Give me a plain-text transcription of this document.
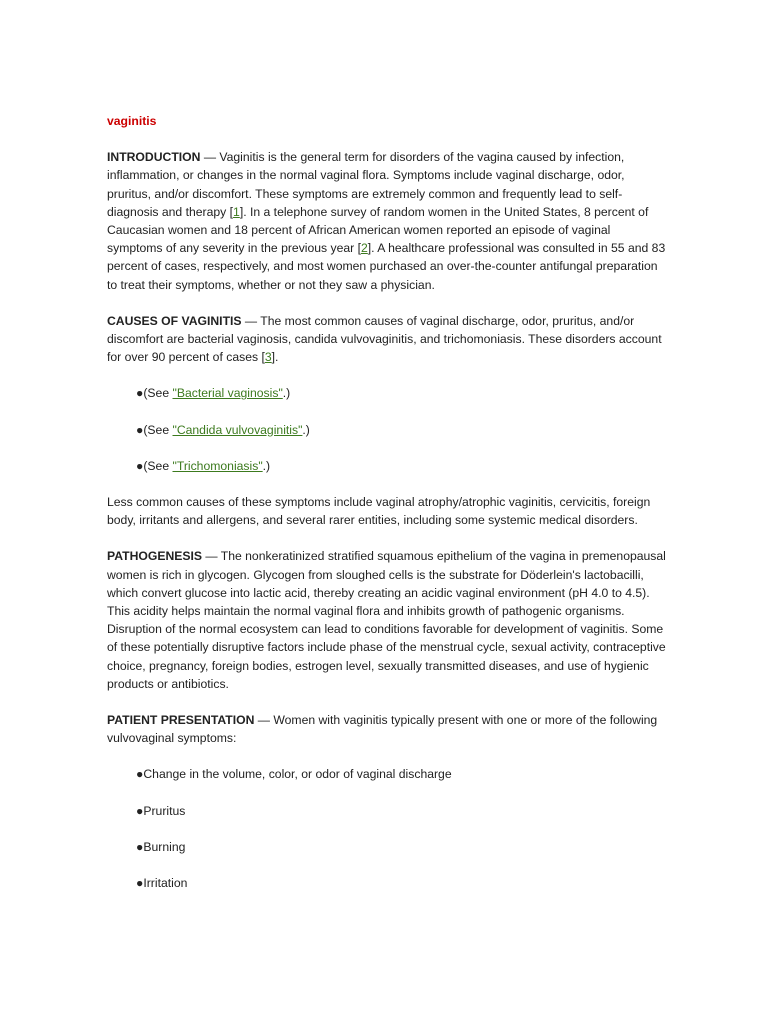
vaginitis

INTRODUCTION — Vaginitis is the general term for disorders of the vagina caused by infection, inflammation, or changes in the normal vaginal flora. Symptoms include vaginal discharge, odor, pruritus, and/or discomfort. These symptoms are extremely common and frequently lead to self-diagnosis and therapy [1]. In a telephone survey of random women in the United States, 8 percent of Caucasian women and 18 percent of African American women reported an episode of vaginal symptoms of any severity in the previous year [2]. A healthcare professional was consulted in 55 and 83 percent of cases, respectively, and most women purchased an over-the-counter antifungal preparation to treat their symptoms, whether or not they saw a physician.

CAUSES OF VAGINITIS — The most common causes of vaginal discharge, odor, pruritus, and/or discomfort are bacterial vaginosis, candida vulvovaginitis, and trichomoniasis. These disorders account for over 90 percent of cases [3].

●(See "Bacterial vaginosis".)
●(See "Candida vulvovaginitis".)
●(See "Trichomoniasis".)

Less common causes of these symptoms include vaginal atrophy/atrophic vaginitis, cervicitis, foreign body, irritants and allergens, and several rarer entities, including some systemic medical disorders.

PATHOGENESIS — The nonkeratinized stratified squamous epithelium of the vagina in premenopausal women is rich in glycogen. Glycogen from sloughed cells is the substrate for Döderlein's lactobacilli, which convert glucose into lactic acid, thereby creating an acidic vaginal environment (pH 4.0 to 4.5). This acidity helps maintain the normal vaginal flora and inhibits growth of pathogenic organisms. Disruption of the normal ecosystem can lead to conditions favorable for development of vaginitis. Some of these potentially disruptive factors include phase of the menstrual cycle, sexual activity, contraceptive choice, pregnancy, foreign bodies, estrogen level, sexually transmitted diseases, and use of hygienic products or antibiotics.

PATIENT PRESENTATION — Women with vaginitis typically present with one or more of the following vulvovaginal symptoms:

●Change in the volume, color, or odor of vaginal discharge
●Pruritus
●Burning
●Irritation
